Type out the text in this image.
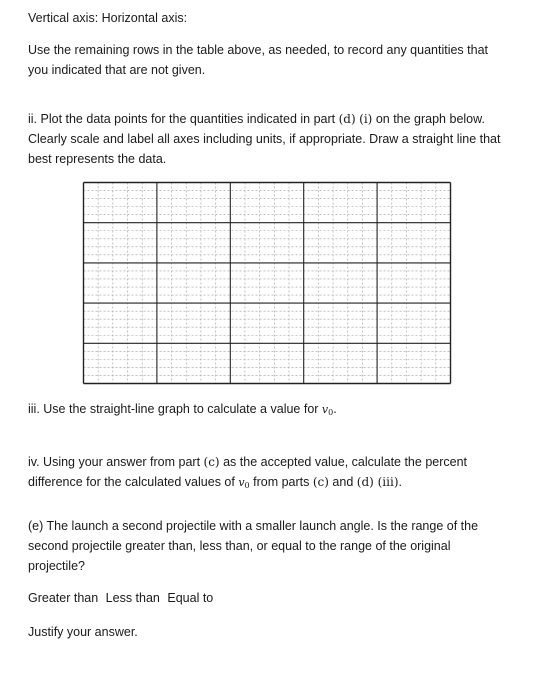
Vertical axis: Horizontal axis:
Use the remaining rows in the table above, as needed, to record any quantities that
you indicated that are not given.
ii. Plot the data points for the quantities indicated in part (d) (i) on the graph below.
Clearly scale and label all axes including units, if appropriate. Draw a straight line that
best represents the data.
iii. Use the straight-line graph to calculate a value for $v_0$.
iv. Using your answer from part (c) as the accepted value, calculate the percent
difference for the calculated values of $v_0$ from parts (c) and (d) (iii).
(e) The launch a second projectile with a smaller launch angle. Is the range of the
second projectile greater than, less than, or equal to the range of the original
projectile?
Greater than Less than Equal to
Justify your answer.
